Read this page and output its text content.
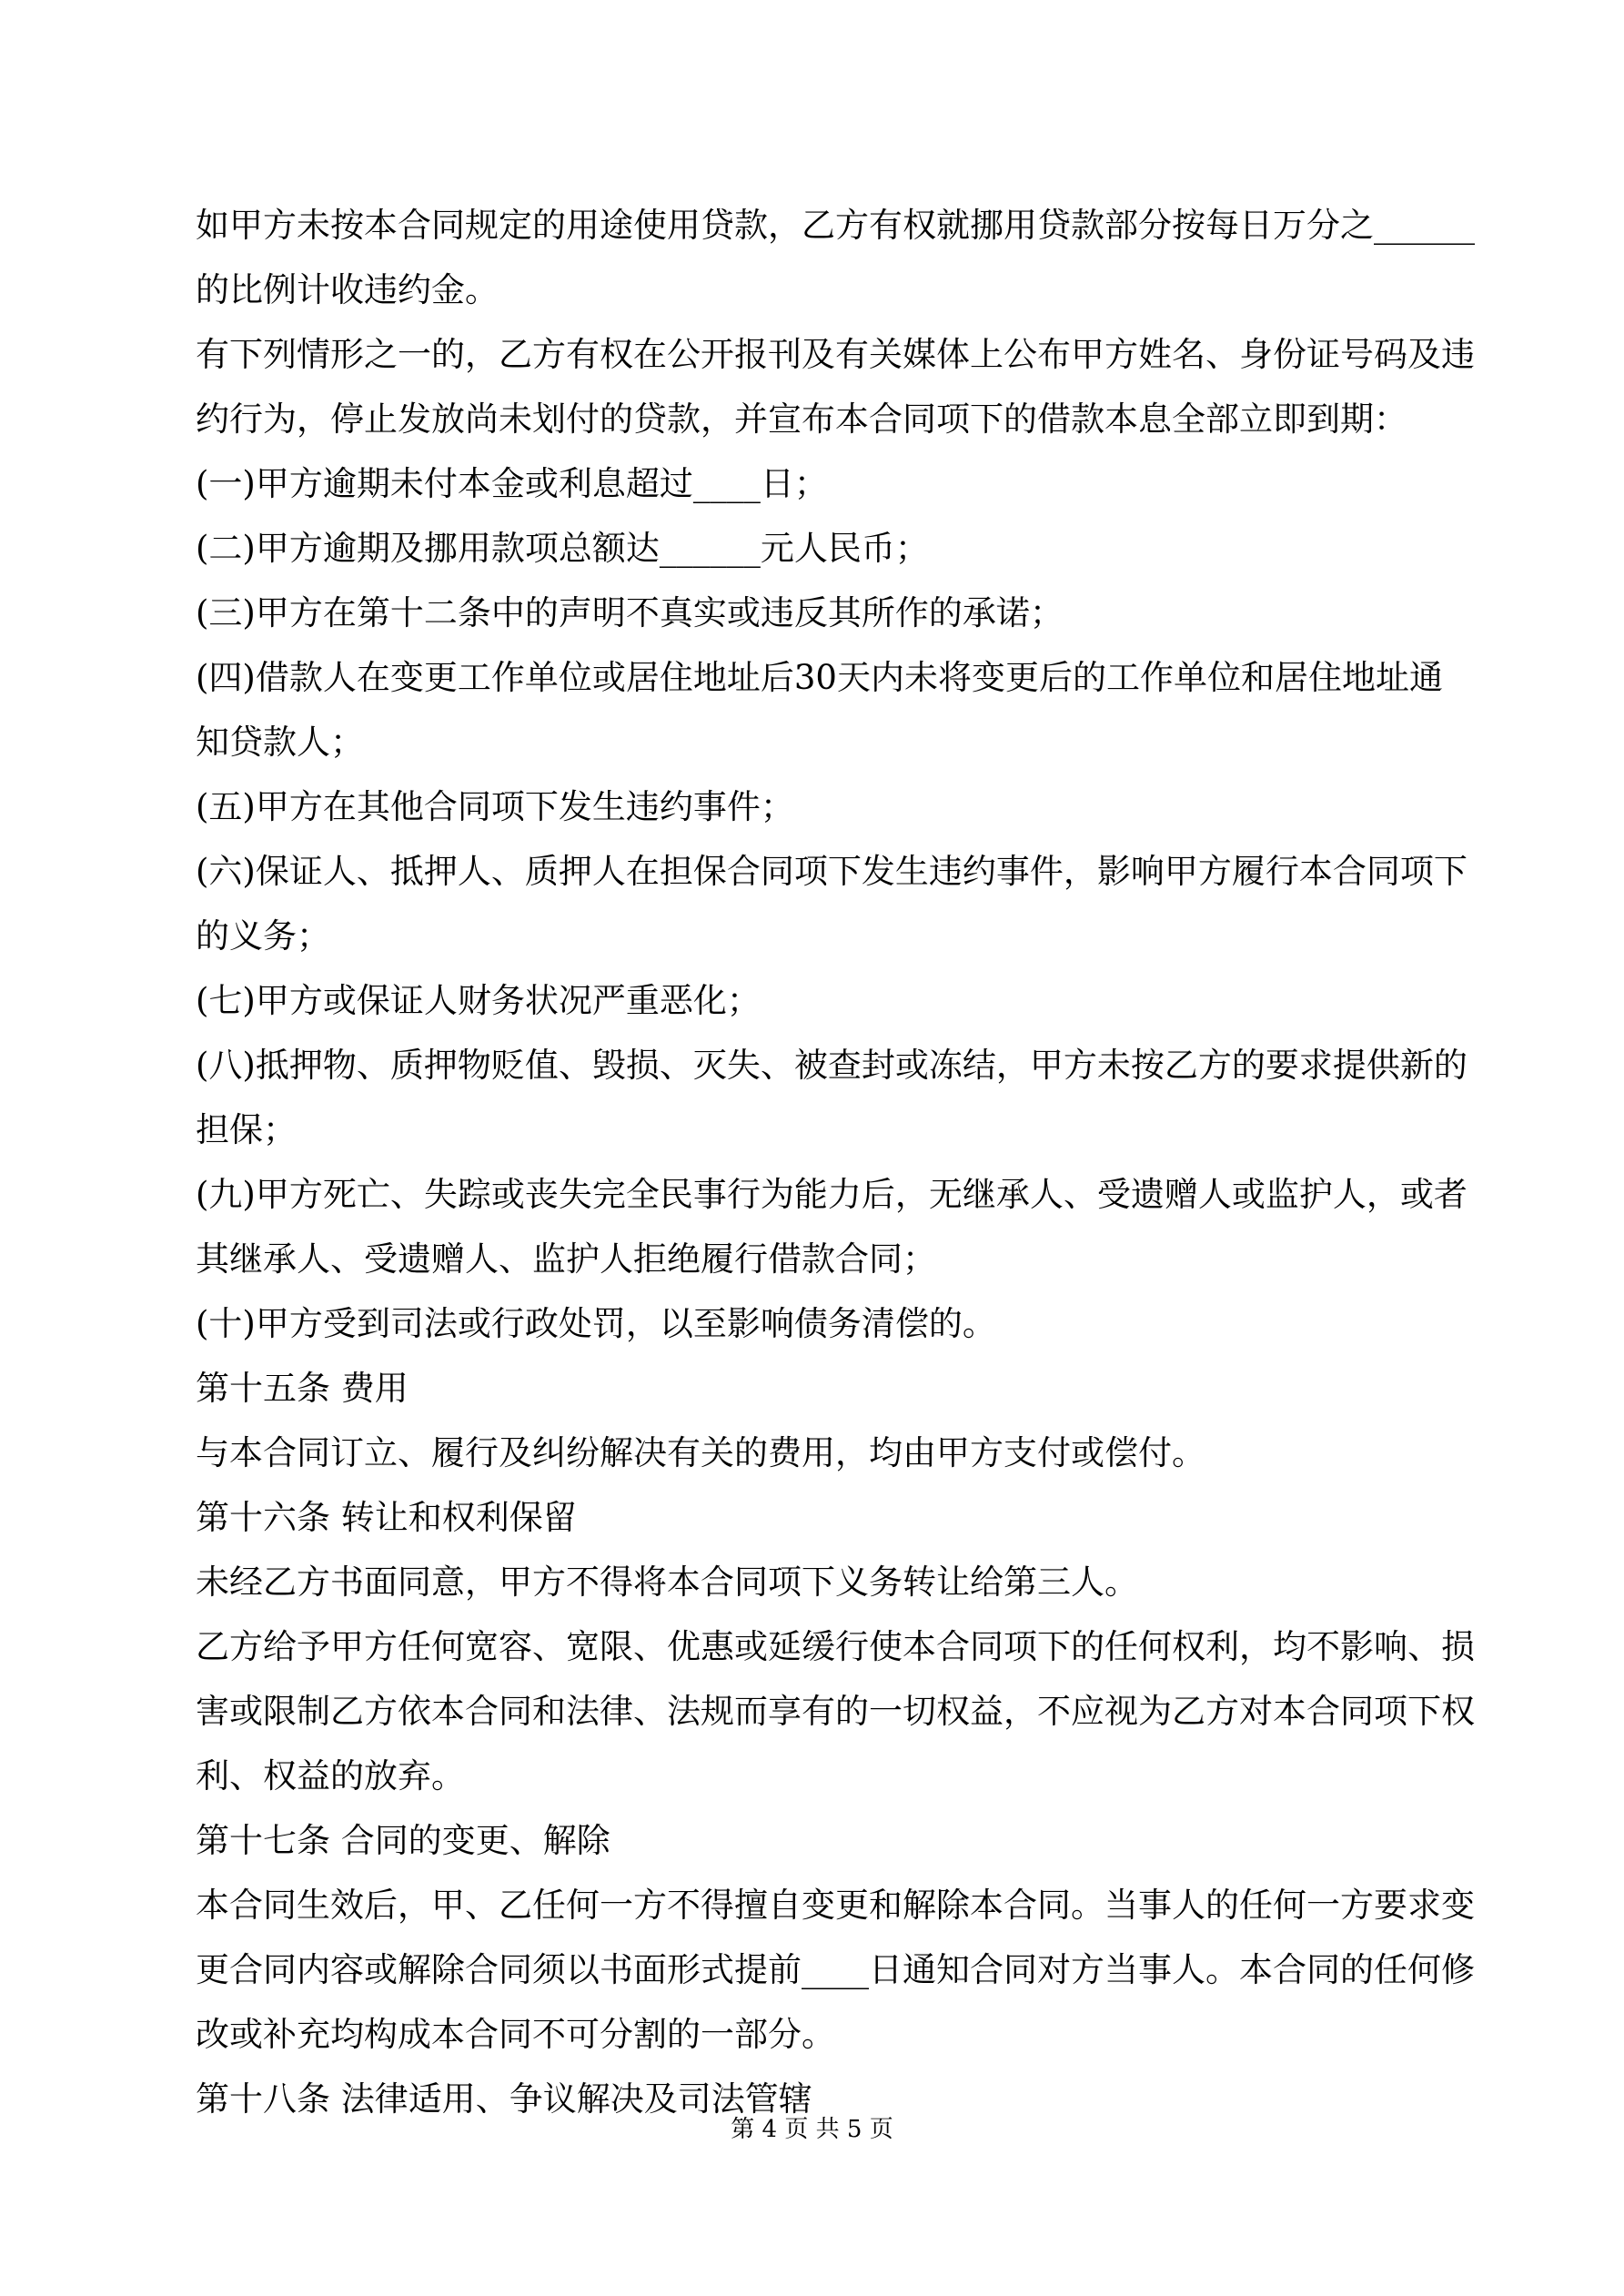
如甲方未按本合同规定的用途使用贷款，乙方有权就挪用贷款部分按每日万分之______
的比例计收违约金。
有下列情形之一的，乙方有权在公开报刊及有关媒体上公布甲方姓名、身份证号码及违
约行为，停止发放尚未划付的贷款，并宣布本合同项下的借款本息全部立即到期：
(一)甲方逾期未付本金或利息超过____日；
(二)甲方逾期及挪用款项总额达______元人民币；
(三)甲方在第十二条中的声明不真实或违反其所作的承诺；
(四)借款人在变更工作单位或居住地址后30天内未将变更后的工作单位和居住地址通
知贷款人；
(五)甲方在其他合同项下发生违约事件；
(六)保证人、抵押人、质押人在担保合同项下发生违约事件，影响甲方履行本合同项下
的义务；
(七)甲方或保证人财务状况严重恶化；
(八)抵押物、质押物贬值、毁损、灭失、被查封或冻结，甲方未按乙方的要求提供新的
担保；
(九)甲方死亡、失踪或丧失完全民事行为能力后，无继承人、受遗赠人或监护人，或者
其继承人、受遗赠人、监护人拒绝履行借款合同；
(十)甲方受到司法或行政处罚，以至影响债务清偿的。
第十五条 费用
与本合同订立、履行及纠纷解决有关的费用，均由甲方支付或偿付。
第十六条 转让和权利保留
未经乙方书面同意，甲方不得将本合同项下义务转让给第三人。
乙方给予甲方任何宽容、宽限、优惠或延缓行使本合同项下的任何权利，均不影响、损
害或限制乙方依本合同和法律、法规而享有的一切权益，不应视为乙方对本合同项下权
利、权益的放弃。
第十七条 合同的变更、解除
本合同生效后，甲、乙任何一方不得擅自变更和解除本合同。当事人的任何一方要求变
更合同内容或解除合同须以书面形式提前____日通知合同对方当事人。本合同的任何修
改或补充均构成本合同不可分割的一部分。
第十八条 法律适用、争议解决及司法管辖
第 4 页 共 5 页
